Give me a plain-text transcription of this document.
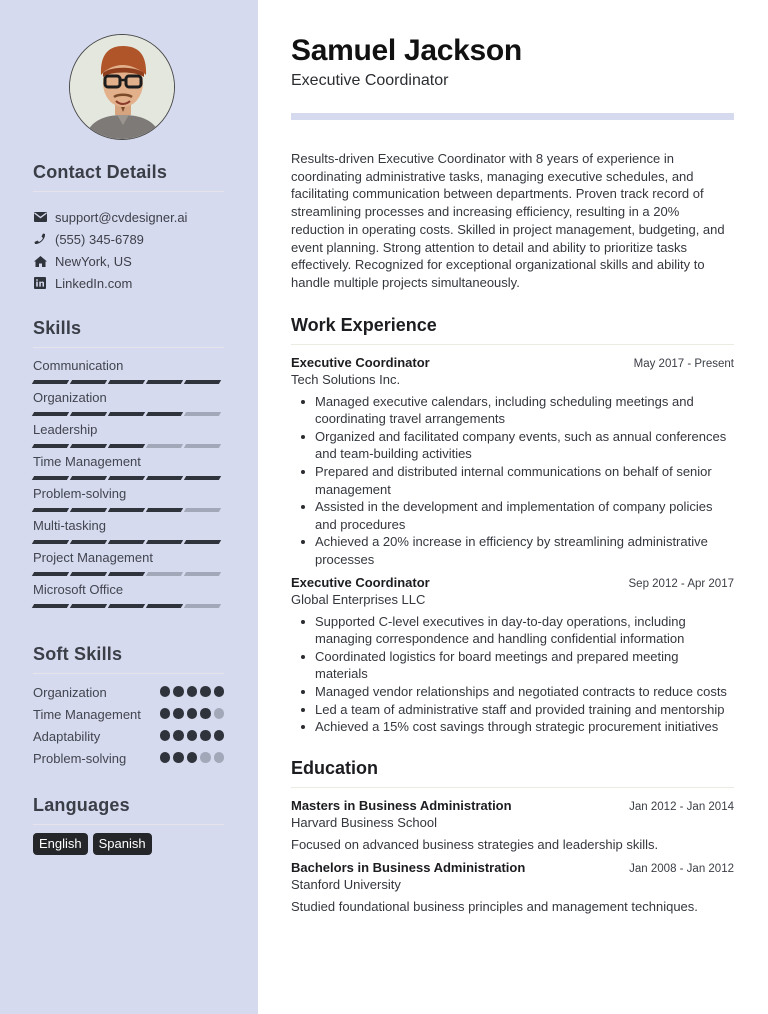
Contact Details
support@cvdesigner.ai
(555) 345-6789
NewYork, US
LinkedIn.com
Skills
Communication
Organization
Leadership
Time Management
Problem-solving
Multi-tasking
Project Management
Microsoft Office
Soft Skills
Organization
Time Management
Adaptability
Problem-solving
Languages
English	Spanish
Samuel Jackson
Executive Coordinator

Results-driven Executive Coordinator with 8 years of experience in coordinating administrative tasks, managing executive schedules, and facilitating communication between departments. Proven track record of streamlining processes and increasing efficiency, resulting in a 20% reduction in operating costs. Skilled in project management, budgeting, and event planning. Strong attention to detail and ability to prioritize tasks effectively. Recognized for exceptional organizational skills and ability to handle multiple projects simultaneously.

Work Experience
Executive Coordinator	May 2017 - Present
Tech Solutions Inc.
Managed executive calendars, including scheduling meetings and coordinating travel arrangements
Organized and facilitated company events, such as annual conferences and team-building activities
Prepared and distributed internal communications on behalf of senior management
Assisted in the development and implementation of company policies and procedures
Achieved a 20% increase in efficiency by streamlining administrative processes
Executive Coordinator	Sep 2012 - Apr 2017
Global Enterprises LLC
Supported C-level executives in day-to-day operations, including managing correspondence and handling confidential information
Coordinated logistics for board meetings and prepared meeting materials
Managed vendor relationships and negotiated contracts to reduce costs
Led a team of administrative staff and provided training and mentorship
Achieved a 15% cost savings through strategic procurement initiatives
Education
Masters in Business Administration	Jan 2012 - Jan 2014
Harvard Business School
Focused on advanced business strategies and leadership skills.
Bachelors in Business Administration	Jan 2008 - Jan 2012
Stanford University
Studied foundational business principles and management techniques.
